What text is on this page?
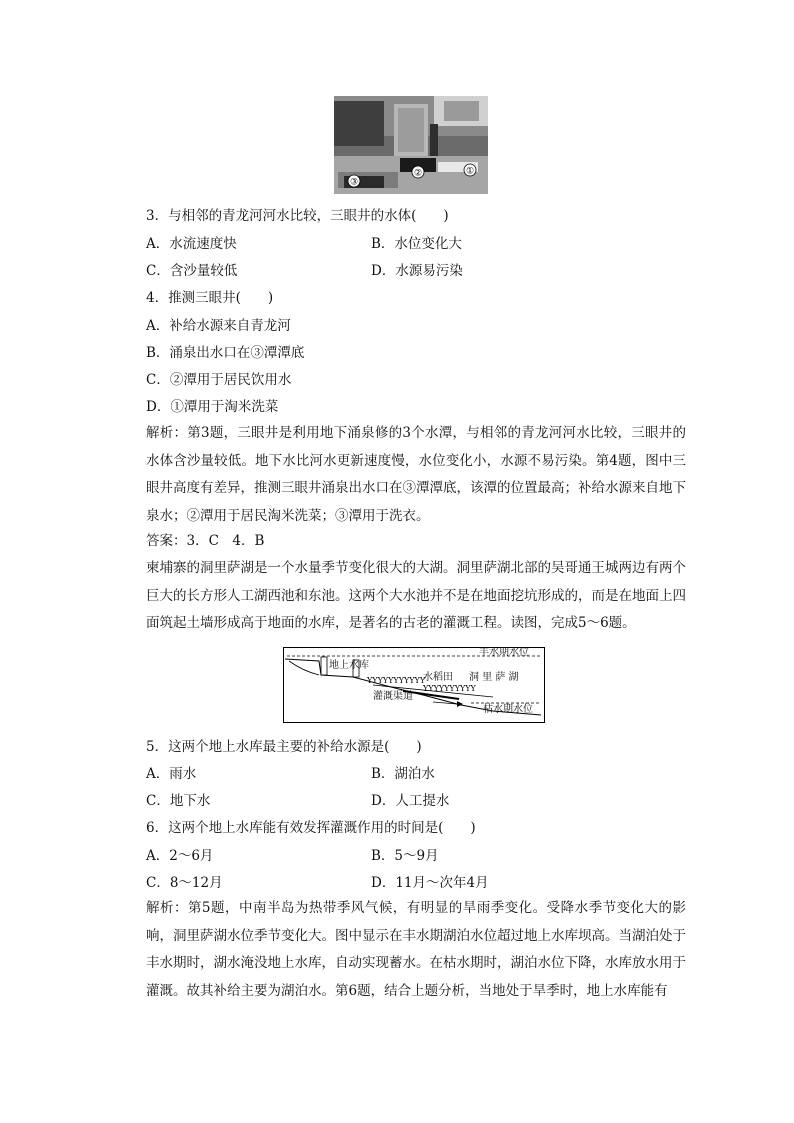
③
②	①
3．与相邻的青龙河河水比较，三眼井的水体(　　)
A．水流速度快	B．水位变化大
C．含沙量较低	D．水源易污染
4．推测三眼井(　　)
A．补给水源来自青龙河
B．涌泉出水口在③潭潭底
C．②潭用于居民饮用水
D．①潭用于淘米洗菜
解析：第3题，三眼井是利用地下涌泉修的3个水潭，与相邻的青龙河河水比较，三眼井的水体含沙量较低。地下水比河水更新速度慢，水位变化小，水源不易污染。第4题，图中三眼井高度有差异，推测三眼井涌泉出水口在③潭潭底，该潭的位置最高；补给水源来自地下泉水；②潭用于居民淘米洗菜；③潭用于洗衣。
答案：3．C　4．B
柬埔寨的洞里萨湖是一个水量季节变化很大的大湖。洞里萨湖北部的吴哥通王城两边有两个巨大的长方形人工湖西池和东池。这两个大水池并不是在地面挖坑形成的，而是在地面上四面筑起土墙形成高于地面的水库，是著名的古老的灌溉工程。读图，完成5～6题。
YYYYYYYYYYY
YYYYYYYYYY
丰水期水位
地上水库
水稻田 洞 里 萨 湖
灌溉渠道
枯水期水位
5．这两个地上水库最主要的补给水源是(　　)
A．雨水	B．湖泊水
C．地下水	D．人工提水
6．这两个地上水库能有效发挥灌溉作用的时间是(　　)
A．2～6月	B．5～9月
C．8～12月	D．11月～次年4月
解析：第5题，中南半岛为热带季风气候，有明显的旱雨季变化。受降水季节变化大的影响，洞里萨湖水位季节变化大。图中显示在丰水期湖泊水位超过地上水库坝高。当湖泊处于丰水期时，湖水淹没地上水库，自动实现蓄水。在枯水期时，湖泊水位下降，水库放水用于灌溉。故其补给主要为湖泊水。第6题，结合上题分析，当地处于旱季时，地上水库能有
